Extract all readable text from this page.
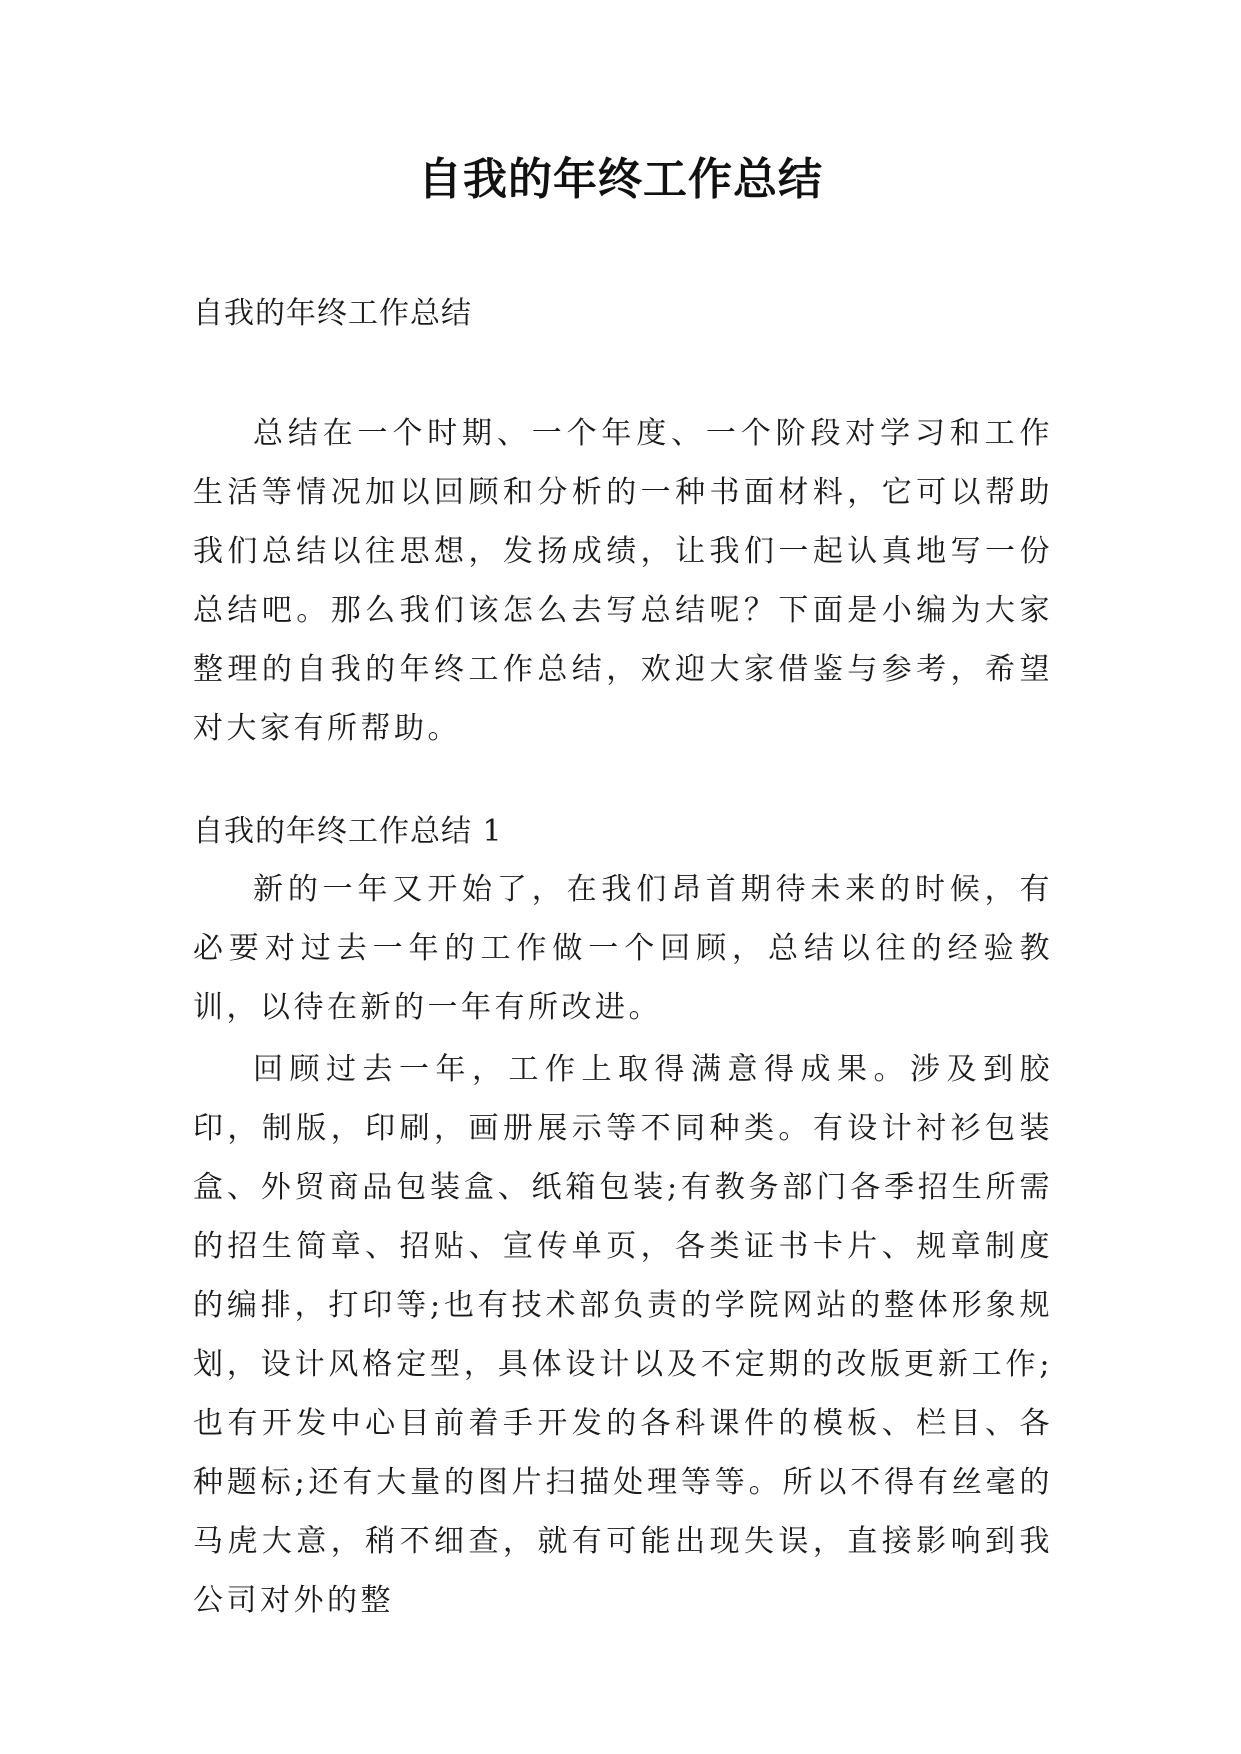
自我的年终工作总结
自我的年终工作总结

总结在一个时期、一个年度、一个阶段对学习和工作生活等情况加以回顾和分析的一种书面材料，它可以帮助我们总结以往思想，发扬成绩，让我们一起认真地写一份总结吧。那么我们该怎么去写总结呢？下面是小编为大家整理的自我的年终工作总结，欢迎大家借鉴与参考，希望对大家有所帮助。

自我的年终工作总结 1

新的一年又开始了，在我们昂首期待未来的时候，有必要对过去一年的工作做一个回顾，总结以往的经验教训，以待在新的一年有所改进。

回顾过去一年，工作上取得满意得成果。涉及到胶印，制版，印刷，画册展示等不同种类。有设计衬衫包装盒、外贸商品包装盒、纸箱包装;有教务部门各季招生所需的招生简章、招贴、宣传单页，各类证书卡片、规章制度的编排，打印等;也有技术部负责的学院网站的整体形象规划，设计风格定型，具体设计以及不定期的改版更新工作;也有开发中心目前着手开发的各科课件的模板、栏目、各种题标;还有大量的图片扫描处理等等。所以不得有丝毫的马虎大意，稍不细查，就有可能出现失误，直接影响到我公司对外的整
